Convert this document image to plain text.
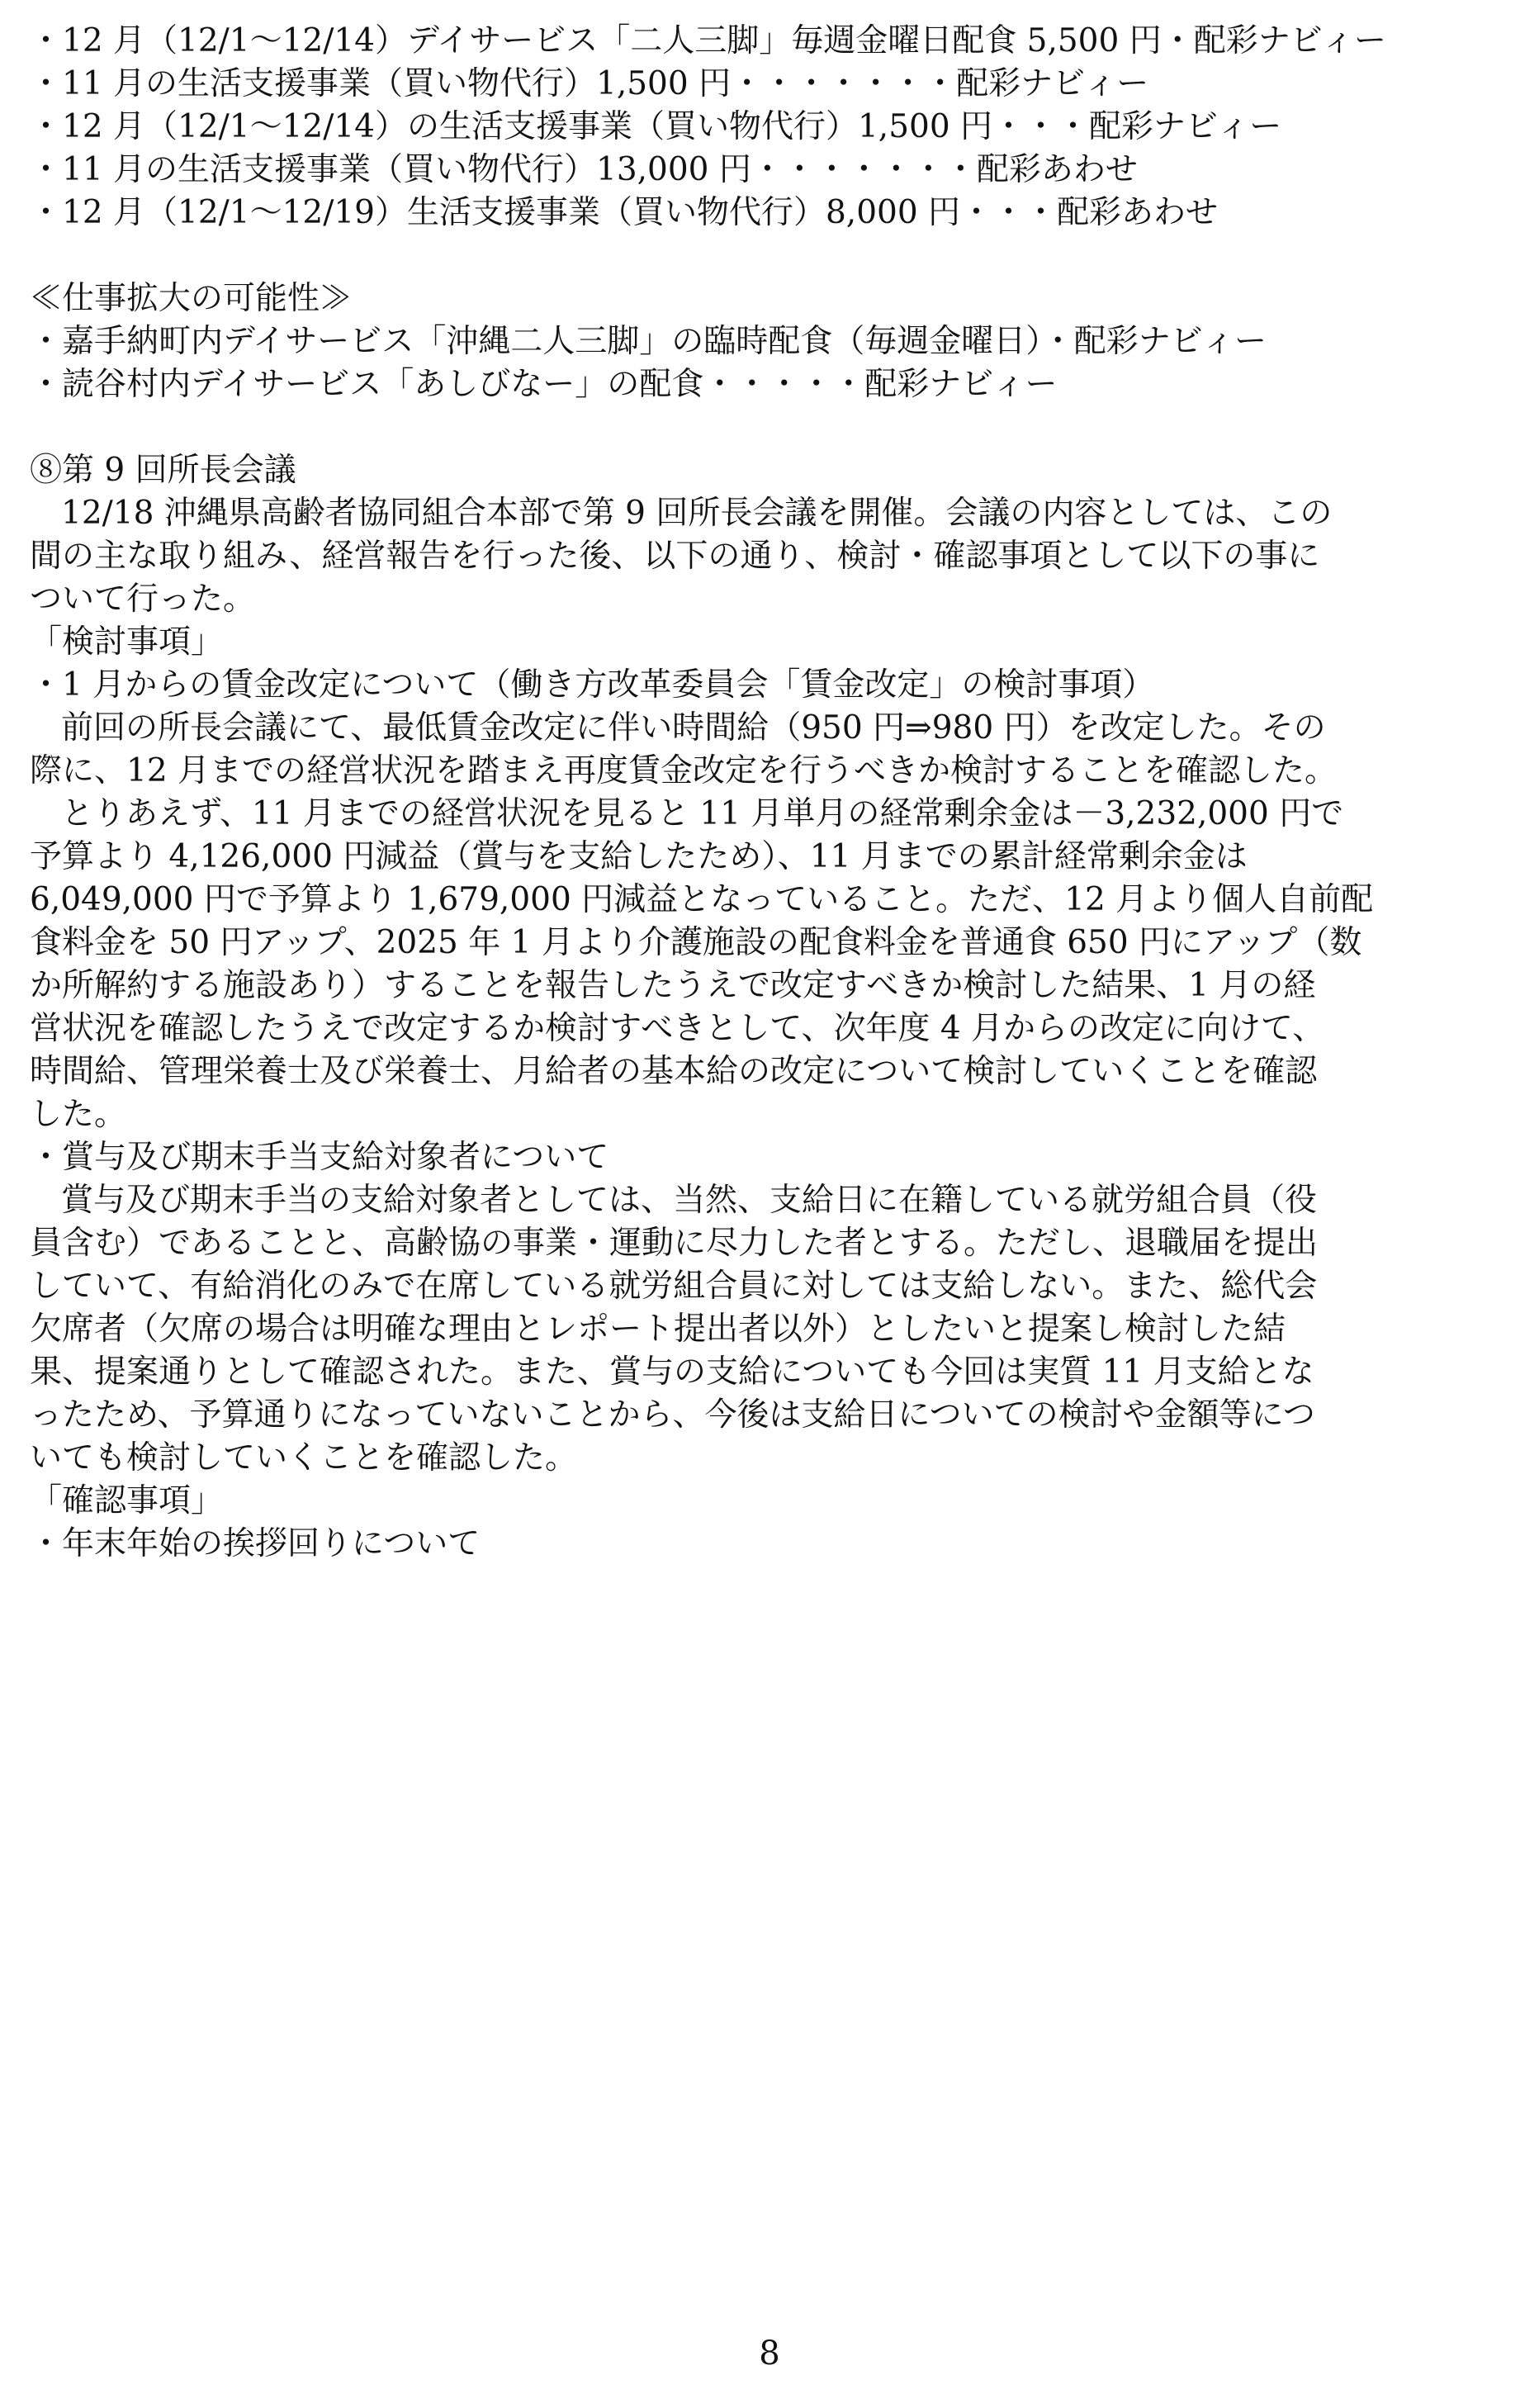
・12 月（12/1～12/14）デイサービス「二人三脚」毎週金曜日配食 5,500 円・配彩ナビィー
・11 月の生活支援事業（買い物代行）1,500 円・・・・・・・配彩ナビィー
・12 月（12/1～12/14）の生活支援事業（買い物代行）1,500 円・・・配彩ナビィー
・11 月の生活支援事業（買い物代行）13,000 円・・・・・・・配彩あわせ
・12 月（12/1～12/19）生活支援事業（買い物代行）8,000 円・・・配彩あわせ
≪仕事拡大の可能性≫
・嘉手納町内デイサービス「沖縄二人三脚」の臨時配食（毎週金曜日）・配彩ナビィー
・読谷村内デイサービス「あしびなー」の配食・・・・・配彩ナビィー
⑧第 9 回所長会議
12/18 沖縄県高齢者協同組合本部で第 9 回所長会議を開催。会議の内容としては、この
間の主な取り組み、経営報告を行った後、以下の通り、検討・確認事項として以下の事に
ついて行った。
「検討事項」
・1 月からの賃金改定について（働き方改革委員会「賃金改定」の検討事項）
前回の所長会議にて、最低賃金改定に伴い時間給（950 円⇒980 円）を改定した。その
際に、12 月までの経営状況を踏まえ再度賃金改定を行うべきか検討することを確認した。
とりあえず、11 月までの経営状況を見ると 11 月単月の経常剰余金は－3,232,000 円で
予算より 4,126,000 円減益（賞与を支給したため）、11 月までの累計経常剰余金は
6,049,000 円で予算より 1,679,000 円減益となっていること。ただ、12 月より個人自前配
食料金を 50 円アップ、2025 年 1 月より介護施設の配食料金を普通食 650 円にアップ（数
か所解約する施設あり）することを報告したうえで改定すべきか検討した結果、1 月の経
営状況を確認したうえで改定するか検討すべきとして、次年度 4 月からの改定に向けて、
時間給、管理栄養士及び栄養士、月給者の基本給の改定について検討していくことを確認
した。
・賞与及び期末手当支給対象者について
賞与及び期末手当の支給対象者としては、当然、支給日に在籍している就労組合員（役
員含む）であることと、高齢協の事業・運動に尽力した者とする。ただし、退職届を提出
していて、有給消化のみで在席している就労組合員に対しては支給しない。また、総代会
欠席者（欠席の場合は明確な理由とレポート提出者以外）としたいと提案し検討した結
果、提案通りとして確認された。また、賞与の支給についても今回は実質 11 月支給とな
ったため、予算通りになっていないことから、今後は支給日についての検討や金額等につ
いても検討していくことを確認した。
「確認事項」
・年末年始の挨拶回りについて
8
